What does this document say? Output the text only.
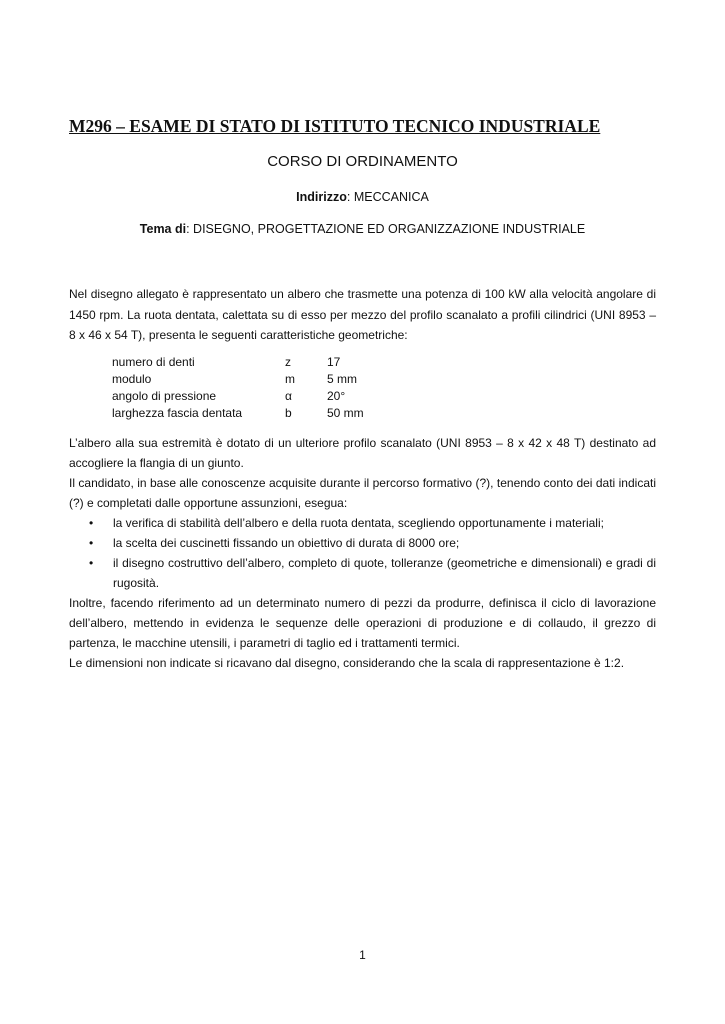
M296 – ESAME DI STATO DI ISTITUTO TECNICO INDUSTRIALE

CORSO DI ORDINAMENTO

Indirizzo: MECCANICA

Tema di: DISEGNO, PROGETTAZIONE ED ORGANIZZAZIONE INDUSTRIALE

Nel disegno allegato è rappresentato un albero che trasmette una potenza di 100 kW alla velocità angolare di 1450 rpm. La ruota dentata, calettata su di esso per mezzo del profilo scanalato a profili cilindrici (UNI 8953 – 8 x 46 x 54 T), presenta le seguenti caratteristiche geometriche:

numero di denti	z	17
modulo	m	5 mm
angolo di pressione	α	20°
larghezza fascia dentata	b	50 mm

L’albero alla sua estremità è dotato di un ulteriore profilo scanalato (UNI 8953 – 8 x 42 x 48 T) destinato ad accogliere la flangia di un giunto.

Il candidato, in base alle conoscenze acquisite durante il percorso formativo (?), tenendo conto dei dati indicati (?) e completati dalle opportune assunzioni, esegua:

• la verifica di stabilità dell’albero e della ruota dentata, scegliendo opportunamente i materiali;
• la scelta dei cuscinetti fissando un obiettivo di durata di 8000 ore;
• il disegno costruttivo dell’albero, completo di quote, tolleranze (geometriche e dimensionali) e gradi di rugosità.

Inoltre, facendo riferimento ad un determinato numero di pezzi da produrre, definisca il ciclo di lavorazione dell’albero, mettendo in evidenza le sequenze delle operazioni di produzione e di collaudo, il grezzo di partenza, le macchine utensili, i parametri di taglio ed i trattamenti termici.

Le dimensioni non indicate si ricavano dal disegno, considerando che la scala di rappresentazione è 1:2.

1
